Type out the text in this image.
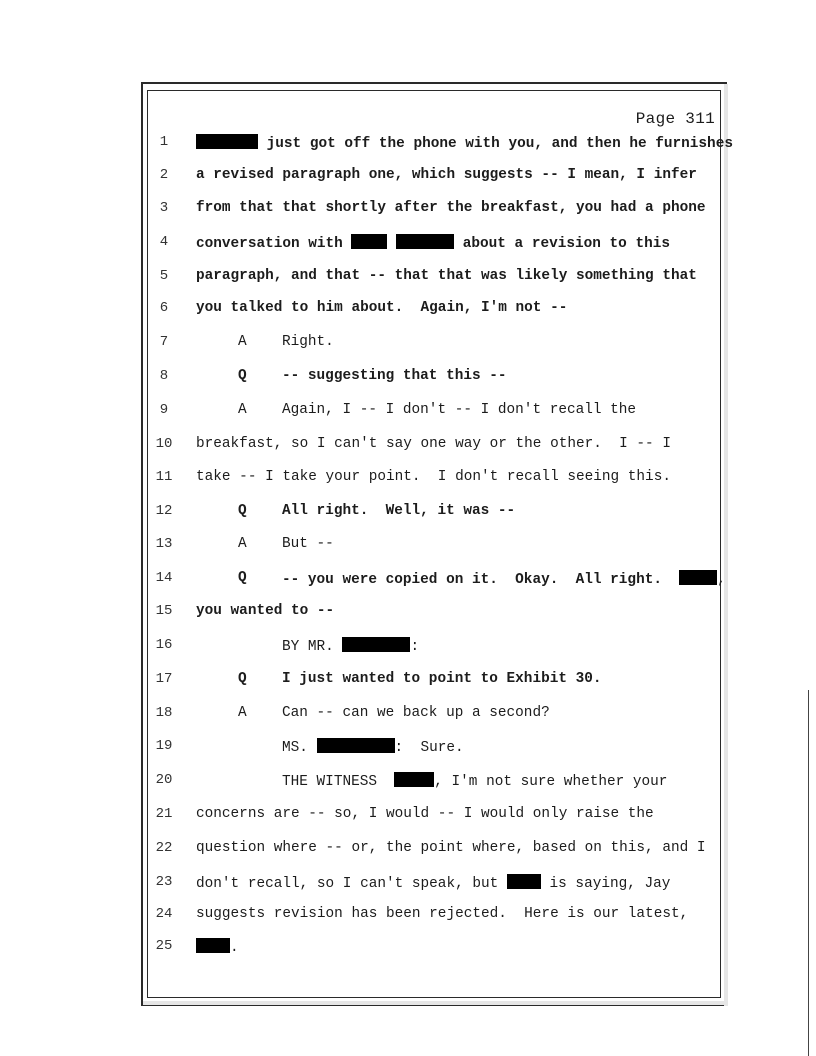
Page 311
1	just got off the phone with you, and then he furnishes
2	a revised paragraph one, which suggests -- I mean, I infer
3	from that that shortly after the breakfast, you had a phone
4	conversation with	about a revision to this
5	paragraph, and that -- that that was likely something that
6	you talked to him about.  Again, I'm not --
7	A Right.
8	Q -- suggesting that this --
9	A Again, I -- I don't -- I don't recall the
10 breakfast, so I can't say one way or the other.  I -- I
11 take -- I take your point.  I don't recall seeing this.
12	Q All right.  Well, it was --
13	A But --
14	Q -- you were copied on it.  Okay.  All right.	,
15 you wanted to --
16	BY MR.	:
17	Q I just wanted to point to Exhibit 30.
18	A Can -- can we back up a second?
19	MS.	:  Sure.
20	THE WITNESS	, I'm not sure whether your
21 concerns are -- so, I would -- I would only raise the
22 question where -- or, the point where, based on this, and I
23 don't recall, so I can't speak, but  is saying, Jay
24 suggests revision has been rejected.  Here is our latest,
25	.
